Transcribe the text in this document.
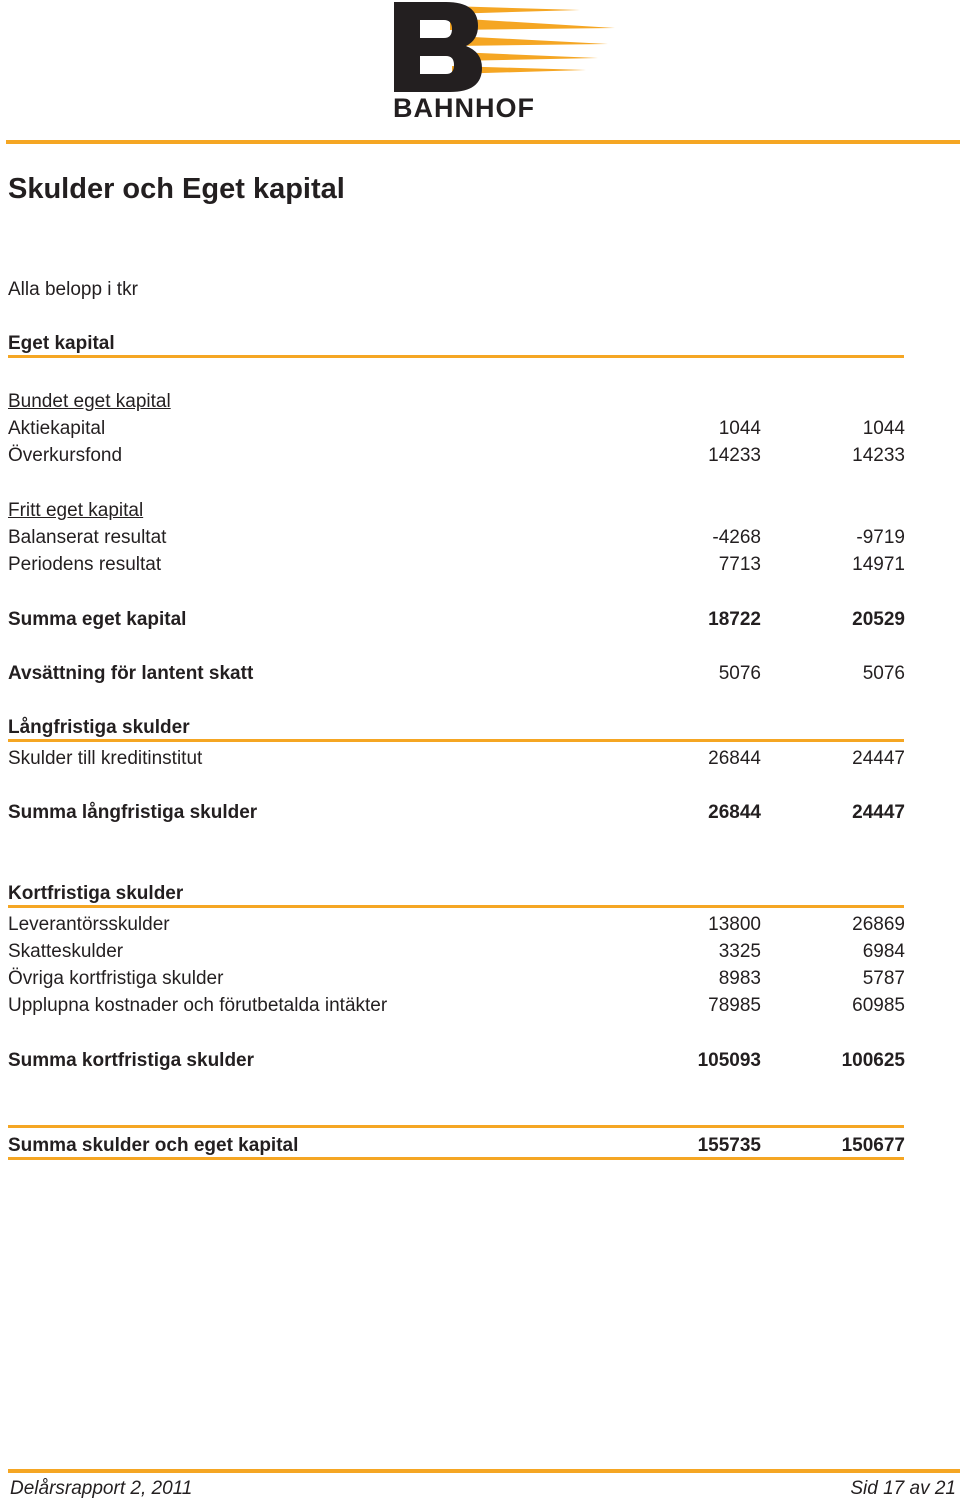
BAHNHOF
Skulder och Eget kapital
Alla belopp i tkr
Eget kapital
Bundet eget kapital
Aktiekapital	1044	1044
Överkursfond	14233	14233
Fritt eget kapital
Balanserat resultat	-4268	-9719
Periodens resultat	7713	14971
Summa eget kapital	18722	20529
Avsättning för lantent skatt	5076	5076
Långfristiga skulder
Skulder till kreditinstitut	26844	24447
Summa långfristiga skulder	26844	24447
Kortfristiga skulder
Leverantörsskulder	13800	26869
Skatteskulder	3325	6984
Övriga kortfristiga skulder	8983	5787
Upplupna kostnader och förutbetalda intäkter	78985	60985
Summa kortfristiga skulder	105093	100625
Summa skulder och eget kapital	155735	150677
Delårsrapport 2, 2011	Sid 17 av 21
